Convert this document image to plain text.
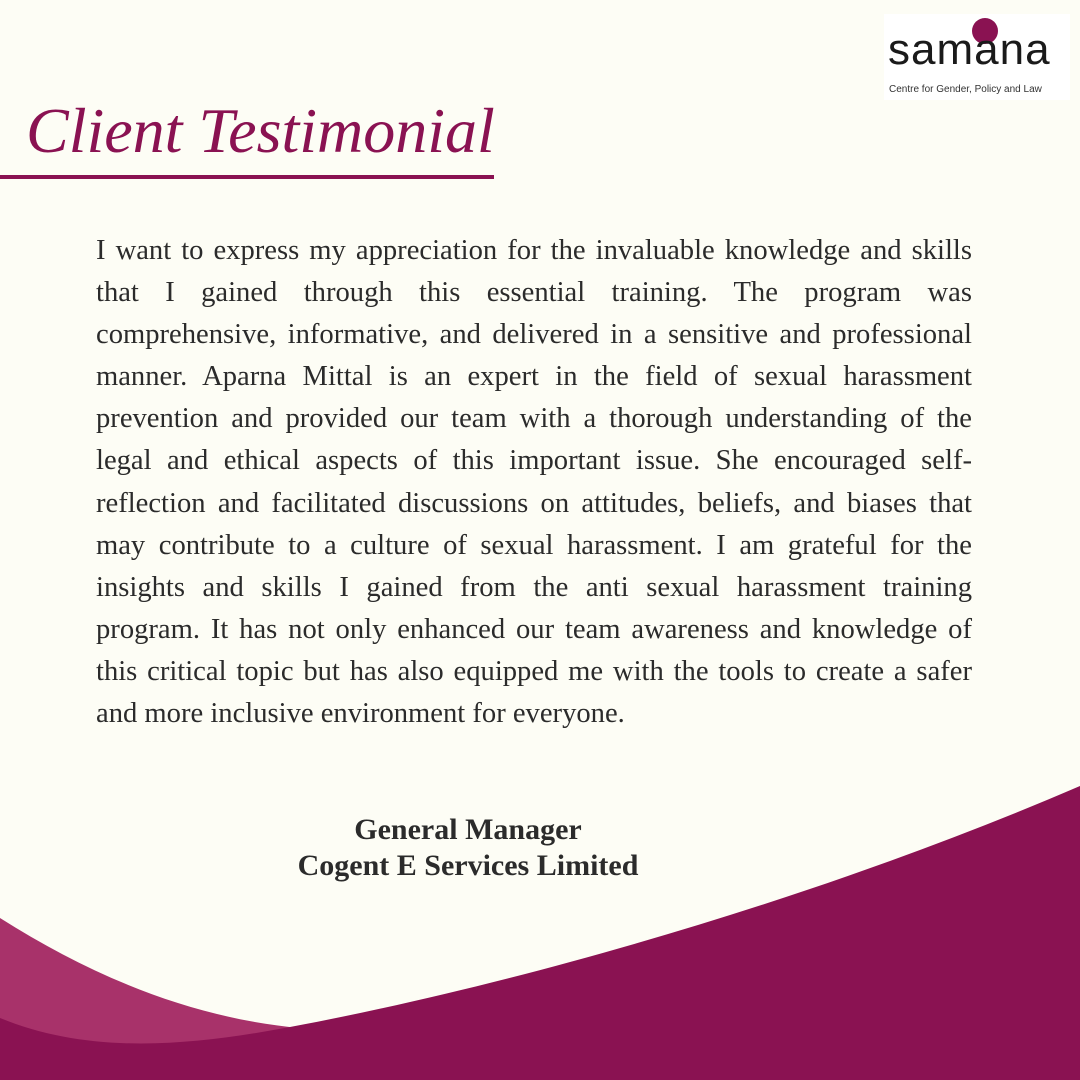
samana
Centre for Gender, Policy and Law
Client Testimonial

I want to express my appreciation for the invaluable knowledge and skills that I gained through this essential training. The program was comprehensive, informative, and delivered in a sensitive and professional manner. Aparna Mittal is an expert in the field of sexual harassment prevention and provided our team with a thorough understanding of the legal and ethical aspects of this important issue. She encouraged self-reflection and facilitated discussions on attitudes, beliefs, and biases that may contribute to a culture of sexual harassment. I am grateful for the insights and skills I gained from the anti sexual harassment training program. It has not only enhanced our team awareness and knowledge of this critical topic but has also equipped me with the tools to create a safer and more inclusive environment for everyone.

General Manager
Cogent E Services Limited
